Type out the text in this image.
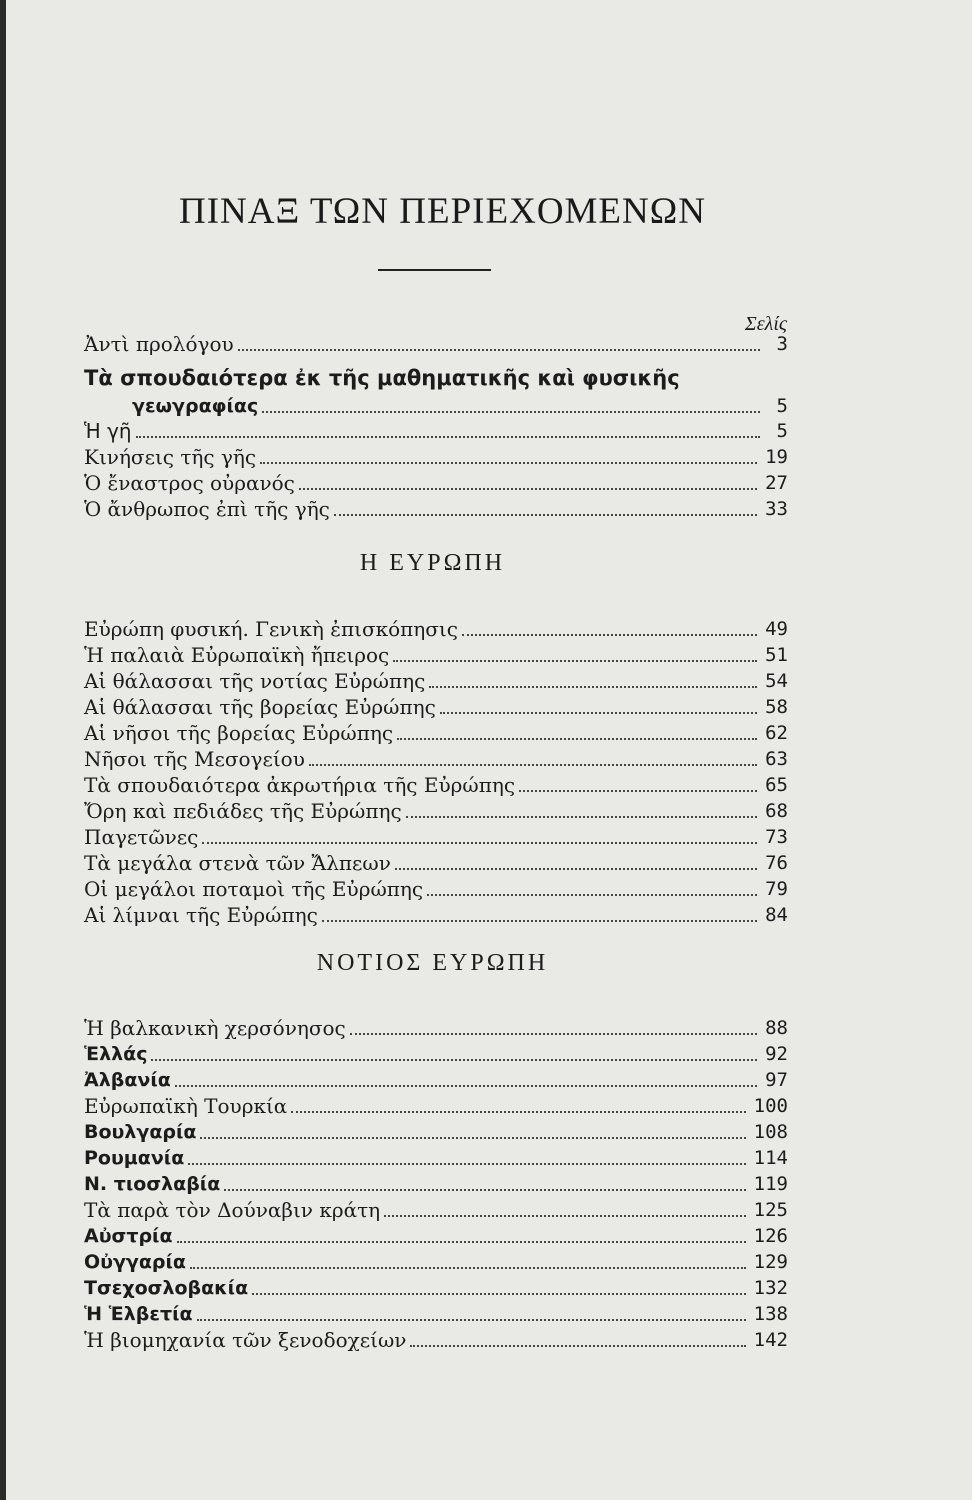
ΠΙΝΑΞ ΤΩΝ ΠΕΡΙΕΧΟΜΕΝΩΝ
Σελίς
Ἀντὶ προλόγου	3
Τὰ σπουδαιότερα ἐκ τῆς μαθηματικῆς καὶ φυσικῆς
γεωγραφίας	5
Ἡ γῆ	5
Κινήσεις τῆς γῆς	19
Ὁ ἔναστρος οὐρανός	27
Ὁ ἄνθρωπος ἐπὶ τῆς γῆς	33
Η ΕΥΡΩΠΗ
Εὐρώπη φυσική. Γενικὴ ἐπισκόπησις	49
Ἡ παλαιὰ Εὐρωπαϊκὴ ἤπειρος	51
Αἱ θάλασσαι τῆς νοτίας Εὐρώπης	54
Αἱ θάλασσαι τῆς βορείας Εὐρώπης	58
Αἱ νῆσοι τῆς βορείας Εὐρώπης	62
Νῆσοι τῆς Μεσογείου	63
Τὰ σπουδαιότερα ἀκρωτήρια τῆς Εὐρώπης	65
Ὄρη καὶ πεδιάδες τῆς Εὐρώπης	68
Παγετῶνες	73
Τὰ μεγάλα στενὰ τῶν Ἄλπεων	76
Οἱ μεγάλοι ποταμοὶ τῆς Εὐρώπης	79
Αἱ λίμναι τῆς Εὐρώπης	84
ΝΟΤΙΟΣ ΕΥΡΩΠΗ
Ἡ βαλκανικὴ χερσόνησος	88
Ἑλλάς	92
Ἀλβανία	97
Εὐρωπαϊκὴ Τουρκία	100
Βουλγαρία	108
Ρουμανία	114
Ν. τιοσλαβία	119
Τὰ παρὰ τὸν Δούναβιν κράτη	125
Αὐστρία	126
Οὐγγαρία	129
Τσεχοσλοβακία	132
Ἡ Ἑλβετία	138
Ἡ βιομηχανία τῶν ξενοδοχείων	142
